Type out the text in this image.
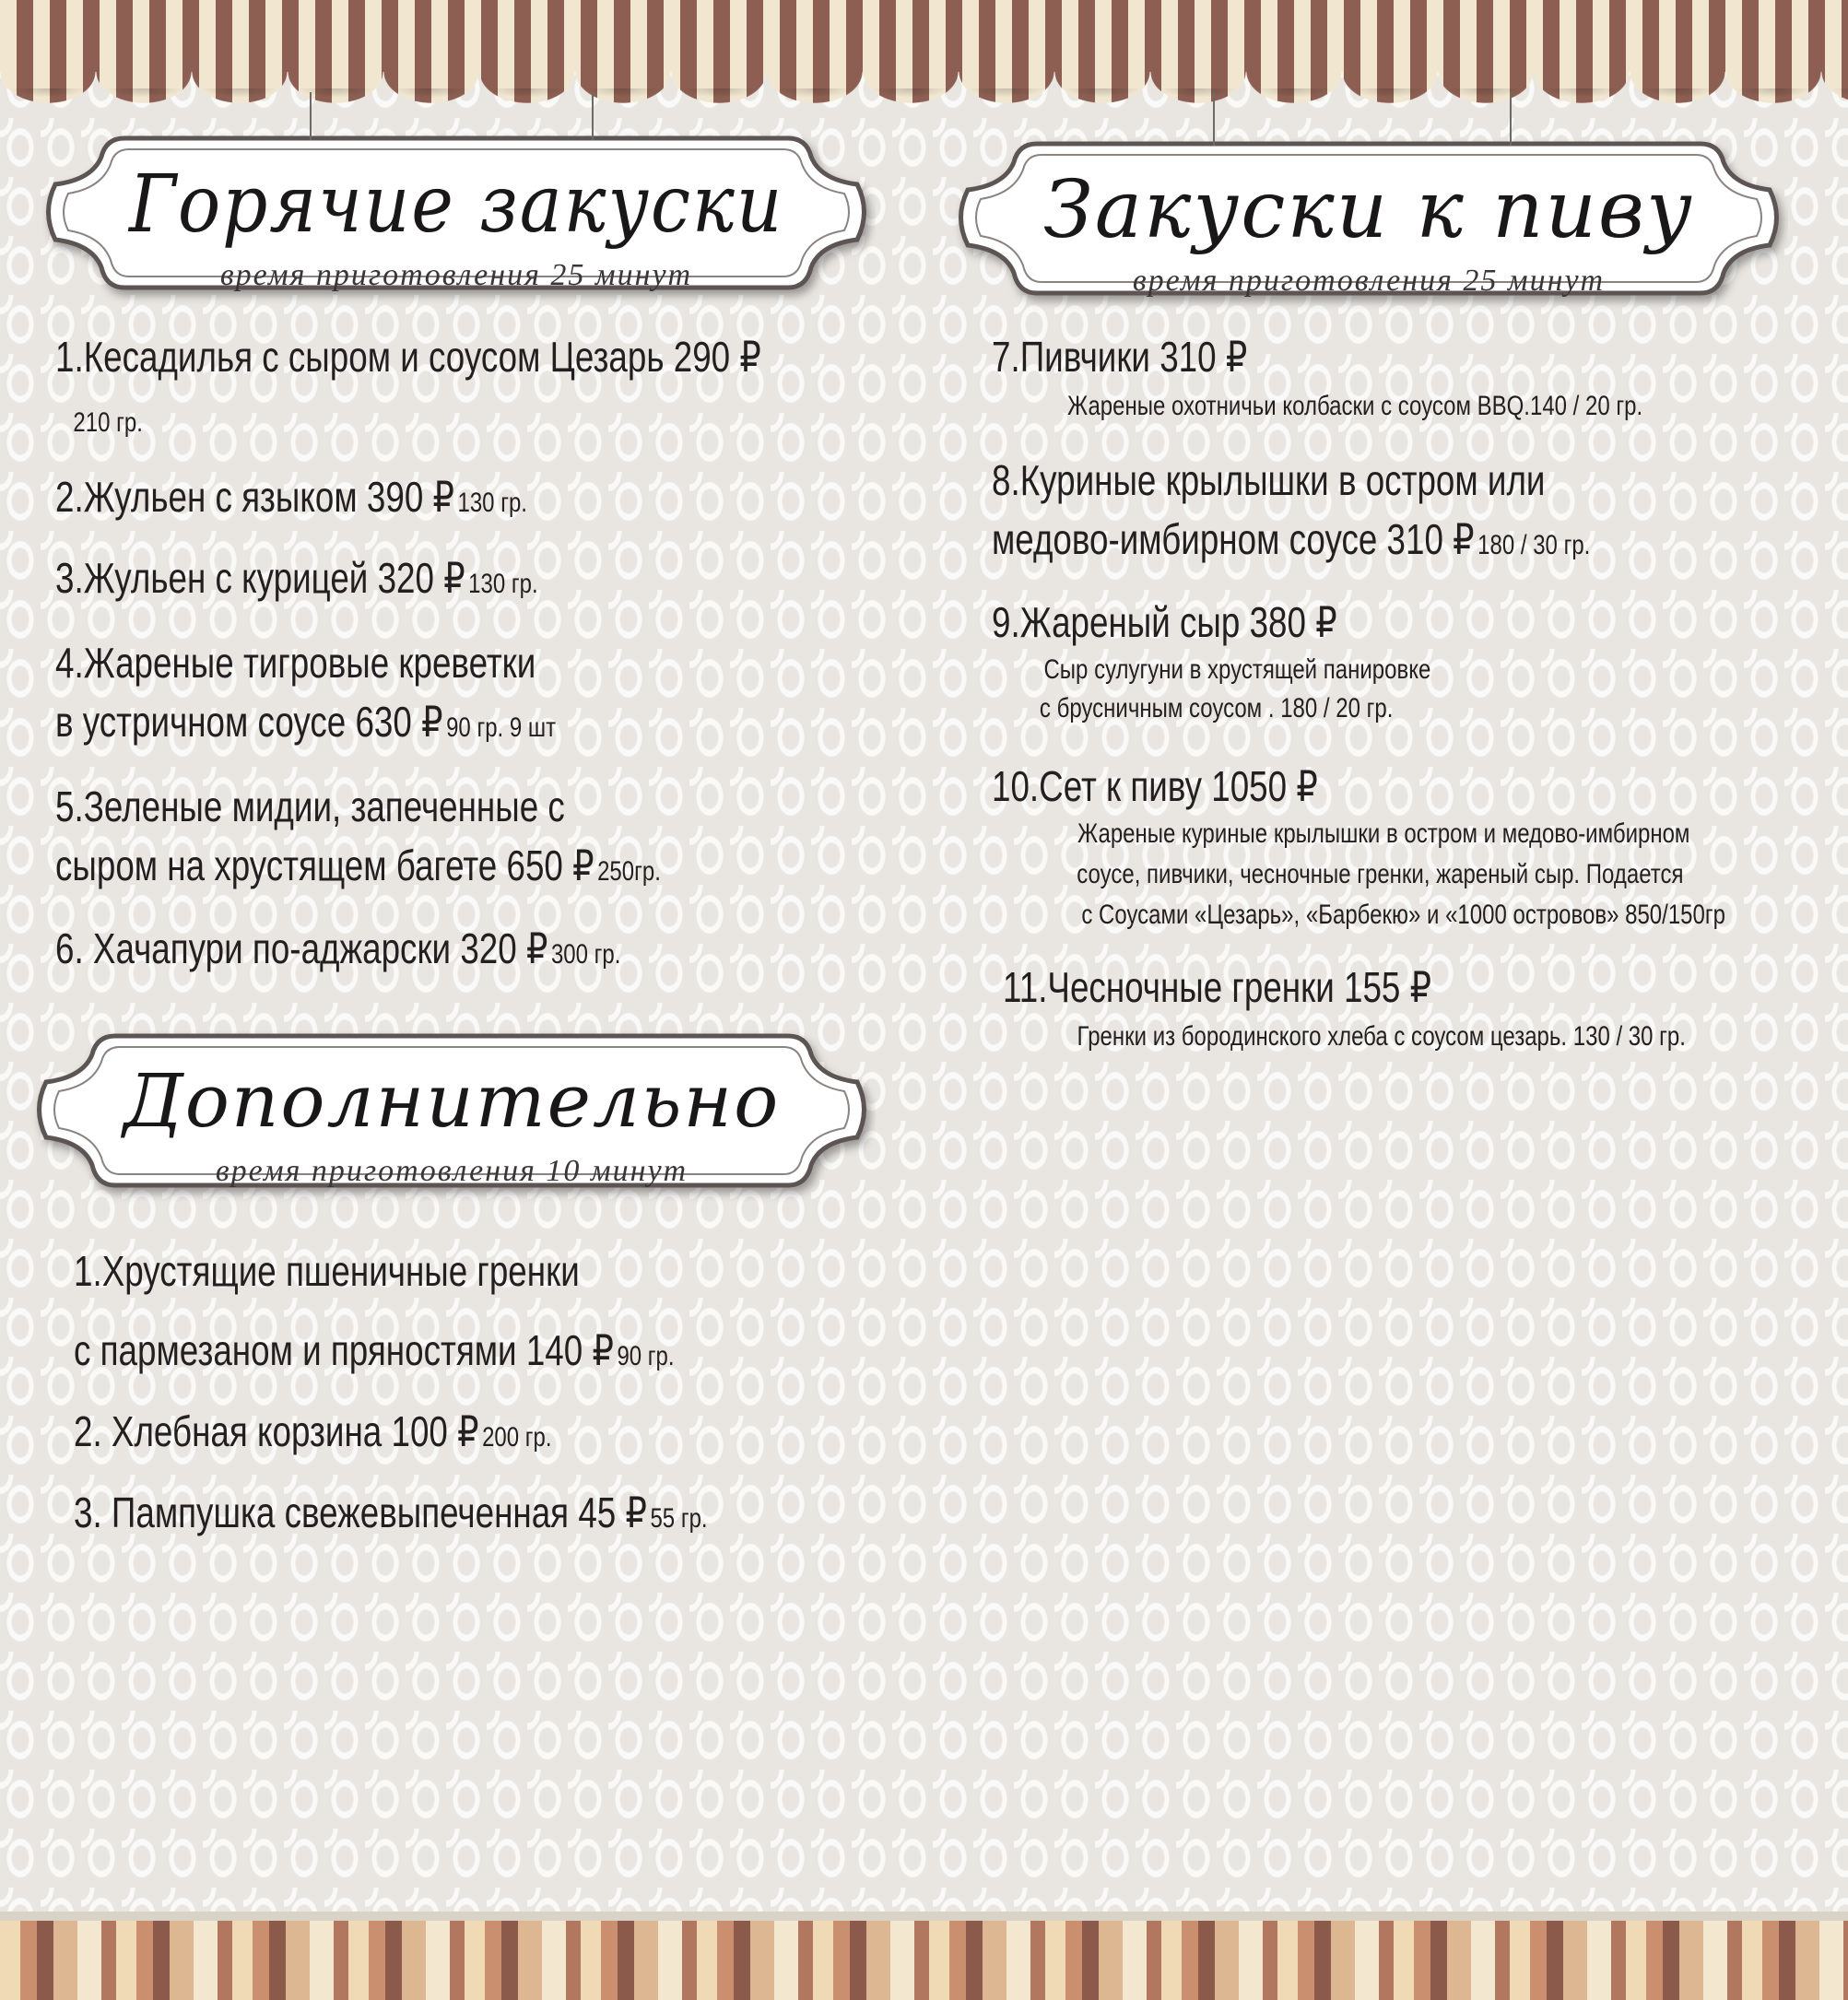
Горячие закуски
время приготовления 25 минут
Закуски к пиву
время приготовления 25 минут
Дополнительно
время приготовления 10 минут
1.Кесадилья с сыром и соусом Цезарь 290 ₽
210 гр.
2.Жульен с языком 390 ₽ 130 гр.
3.Жульен с курицей 320 ₽ 130 гр.
4.Жареные тигровые креветки
в устричном соусе 630 ₽ 90 гр. 9 шт
5.Зеленые мидии, запеченные с
сыром на хрустящем багете 650 ₽ 250гр.
6. Хачапури по-аджарски 320 ₽ 300 гр.
7.Пивчики 310 ₽
Жареные охотничьи колбаски с соусом BBQ.140 / 20 гр.
8.Куриные крылышки в остром или
медово-имбирном соусе 310 ₽ 180 / 30 гр.
9.Жареный сыр 380 ₽
Сыр сулугуни в хрустящей панировке
с брусничным соусом . 180 / 20 гр.
10.Сет к пиву 1050 ₽
Жареные куриные крылышки в остром и медово-имбирном
соусе, пивчики, чесночные гренки, жареный сыр. Подается
с Соусами «Цезарь», «Барбекю» и «1000 островов» 850/150гр
11.Чесночные гренки 155 ₽
Гренки из бородинского хлеба с соусом цезарь. 130 / 30 гр.
1.Хрустящие пшеничные гренки
с пармезаном и пряностями 140 ₽ 90 гр.
2. Хлебная корзина 100 ₽ 200 гр.
3. Пампушка свежевыпеченная 45 ₽ 55 гр.
